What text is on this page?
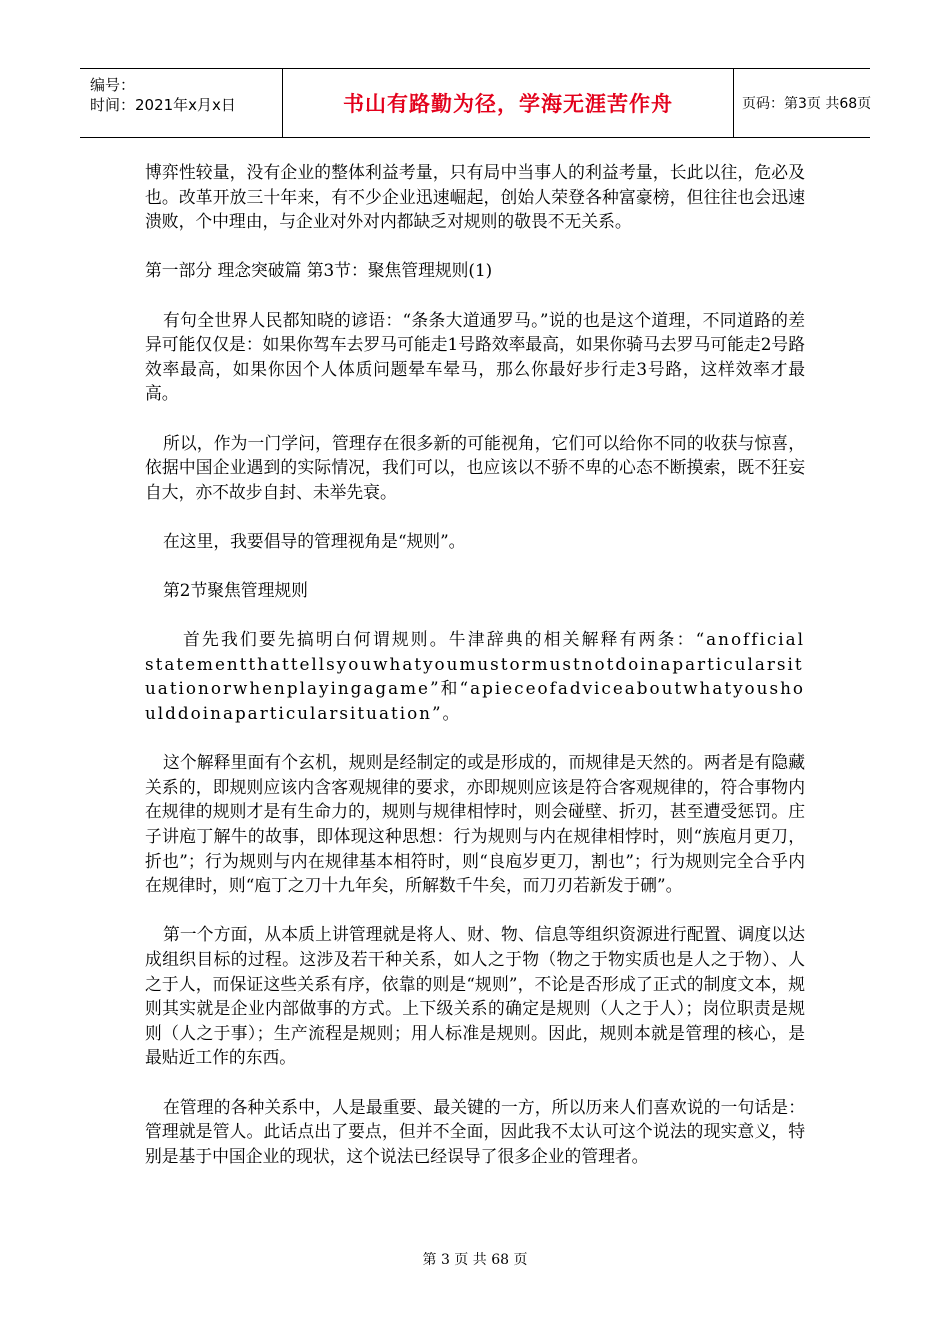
编号：
时间：2021年x月x日	书山有路勤为径，学海无涯苦作舟	页码：第3页 共68页

博弈性较量，没有企业的整体利益考量，只有局中当事人的利益考量，长此以往，危必及也。改革开放三十年来，有不少企业迅速崛起，创始人荣登各种富豪榜，但往往也会迅速溃败，个中理由，与企业对外对内都缺乏对规则的敬畏不无关系。

第一部分 理念突破篇 第3节：聚焦管理规则(1)

有句全世界人民都知晓的谚语：“条条大道通罗马。”说的也是这个道理，不同道路的差异可能仅仅是：如果你驾车去罗马可能走1号路效率最高，如果你骑马去罗马可能走2号路效率最高，如果你因个人体质问题晕车晕马，那么你最好步行走3号路，这样效率才最高。

所以，作为一门学问，管理存在很多新的可能视角，它们可以给你不同的收获与惊喜，依据中国企业遇到的实际情况，我们可以，也应该以不骄不卑的心态不断摸索，既不狂妄自大，亦不故步自封、未举先衰。

在这里，我要倡导的管理视角是“规则”。

第2节聚焦管理规则

首先我们要先搞明白何谓规则。牛津辞典的相关解释有两条：“anofficialstatementthattellsyouwhatyoumustormustnotdoinaparticularsituationorwhenplayingagame”和“apieceofadviceaboutwhatyoushoulddoinaparticularsituation”。

这个解释里面有个玄机，规则是经制定的或是形成的，而规律是天然的。两者是有隐藏关系的，即规则应该内含客观规律的要求，亦即规则应该是符合客观规律的，符合事物内在规律的规则才是有生命力的，规则与规律相悖时，则会碰壁、折刃，甚至遭受惩罚。庄子讲庖丁解牛的故事，即体现这种思想：行为规则与内在规律相悖时，则“族庖月更刀，折也”；行为规则与内在规律基本相符时，则“良庖岁更刀，割也”；行为规则完全合乎内在规律时，则“庖丁之刀十九年矣，所解数千牛矣，而刀刃若新发于硎”。

第一个方面，从本质上讲管理就是将人、财、物、信息等组织资源进行配置、调度以达成组织目标的过程。这涉及若干种关系，如人之于物（物之于物实质也是人之于物）、人之于人，而保证这些关系有序，依靠的则是“规则”，不论是否形成了正式的制度文本，规则其实就是企业内部做事的方式。上下级关系的确定是规则（人之于人）；岗位职责是规则（人之于事）；生产流程是规则；用人标准是规则。因此，规则本就是管理的核心，是最贴近工作的东西。

在管理的各种关系中，人是最重要、最关键的一方，所以历来人们喜欢说的一句话是：管理就是管人。此话点出了要点，但并不全面，因此我不太认可这个说法的现实意义，特别是基于中国企业的现状，这个说法已经误导了很多企业的管理者。

第 3 页 共 68 页
